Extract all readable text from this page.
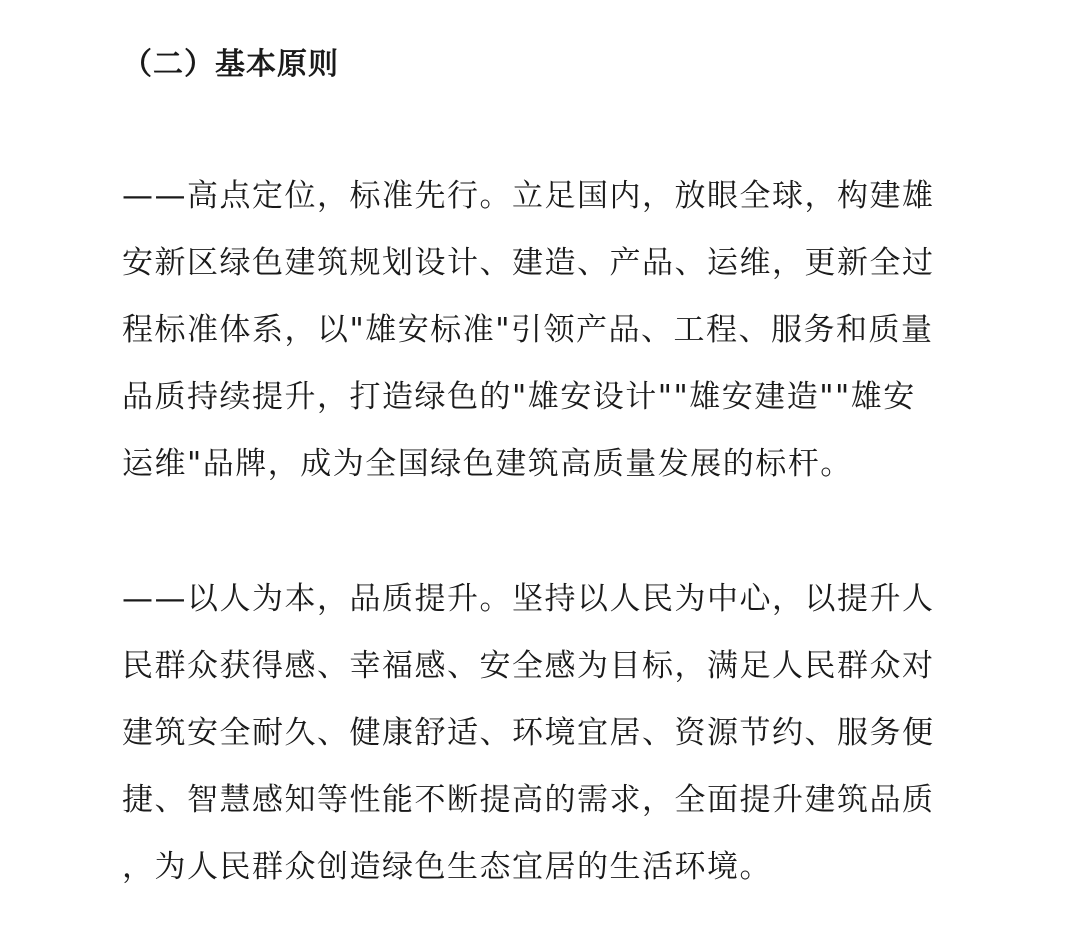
（二）基本原则
——高点定位，标准先行。立足国内，放眼全球，构建雄
安新区绿色建筑规划设计、建造、产品、运维，更新全过
程标准体系，以"雄安标准"引领产品、工程、服务和质量
品质持续提升，打造绿色的"雄安设计""雄安建造""雄安
运维"品牌，成为全国绿色建筑高质量发展的标杆。
——以人为本，品质提升。坚持以人民为中心，以提升人
民群众获得感、幸福感、安全感为目标，满足人民群众对
建筑安全耐久、健康舒适、环境宜居、资源节约、服务便
捷、智慧感知等性能不断提高的需求，全面提升建筑品质
，为人民群众创造绿色生态宜居的生活环境。
